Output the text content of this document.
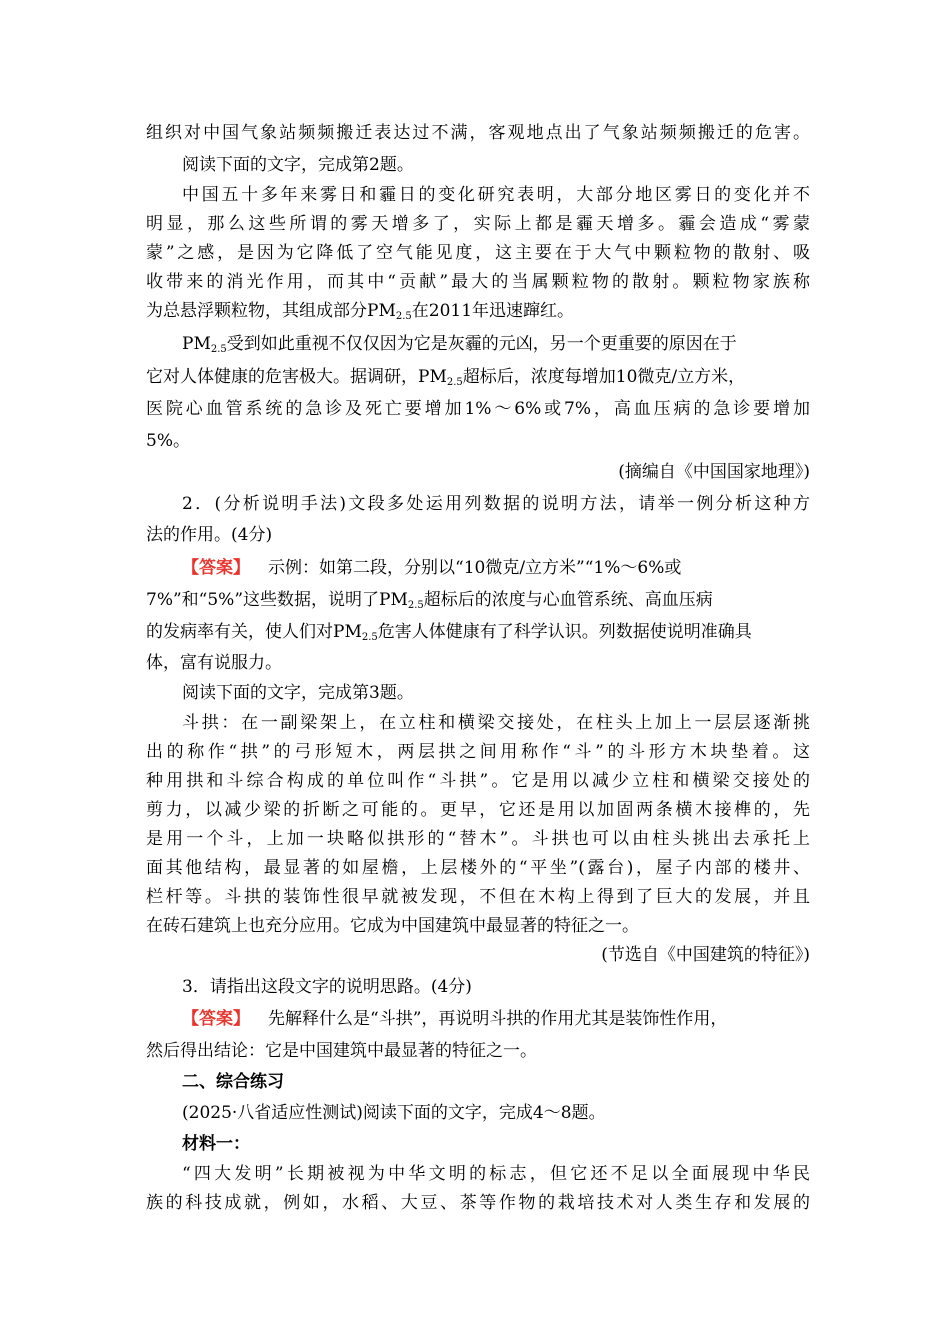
组织对中国气象站频频搬迁表达过不满，客观地点出了气象站频频搬迁的危害。
阅读下面的文字，完成第2题。
中国五十多年来雾日和霾日的变化研究表明，大部分地区雾日的变化并不
明显，那么这些所谓的雾天增多了，实际上都是霾天增多。霾会造成“雾蒙
蒙”之感，是因为它降低了空气能见度，这主要在于大气中颗粒物的散射、吸
收带来的消光作用，而其中“贡献”最大的当属颗粒物的散射。颗粒物家族称
为总悬浮颗粒物，其组成部分$PM_{2.5}$在2011年迅速蹿红。
$PM_{2.5}$受到如此重视不仅仅因为它是灰霾的元凶，另一个更重要的原因在于
它对人体健康的危害极大。据调研，$PM_{2.5}$超标后，浓度每增加10微克/立方米，
医院心血管系统的急诊及死亡要增加1%～6%或7%，高血压病的急诊要增加
5%。
(摘编自《中国国家地理》)
2．(分析说明手法)文段多处运用列数据的说明方法，请举一例分析这种方
法的作用。(4分)
【答案】 示例：如第二段，分别以“10微克/立方米”“1%～6%或
7%”和“5%”这些数据，说明了$PM_{2.5}$超标后的浓度与心血管系统、高血压病
的发病率有关，使人们对$PM_{2.5}$危害人体健康有了科学认识。列数据使说明准确具
体，富有说服力。
阅读下面的文字，完成第3题。
斗拱：在一副梁架上，在立柱和横梁交接处，在柱头上加上一层层逐渐挑
出的称作“拱”的弓形短木，两层拱之间用称作“斗”的斗形方木块垫着。这
种用拱和斗综合构成的单位叫作“斗拱”。它是用以减少立柱和横梁交接处的
剪力，以减少梁的折断之可能的。更早，它还是用以加固两条横木接榫的，先
是用一个斗，上加一块略似拱形的“替木”。斗拱也可以由柱头挑出去承托上
面其他结构，最显著的如屋檐，上层楼外的“平坐”(露台)，屋子内部的楼井、
栏杆等。斗拱的装饰性很早就被发现，不但在木构上得到了巨大的发展，并且
在砖石建筑上也充分应用。它成为中国建筑中最显著的特征之一。
(节选自《中国建筑的特征》)
3．请指出这段文字的说明思路。(4分)
【答案】 先解释什么是“斗拱”，再说明斗拱的作用尤其是装饰性作用，
然后得出结论：它是中国建筑中最显著的特征之一。
二、综合练习
(2025·八省适应性测试)阅读下面的文字，完成4～8题。
材料一：
“四大发明”长期被视为中华文明的标志，但它还不足以全面展现中华民
族的科技成就，例如，水稻、大豆、茶等作物的栽培技术对人类生存和发展的
